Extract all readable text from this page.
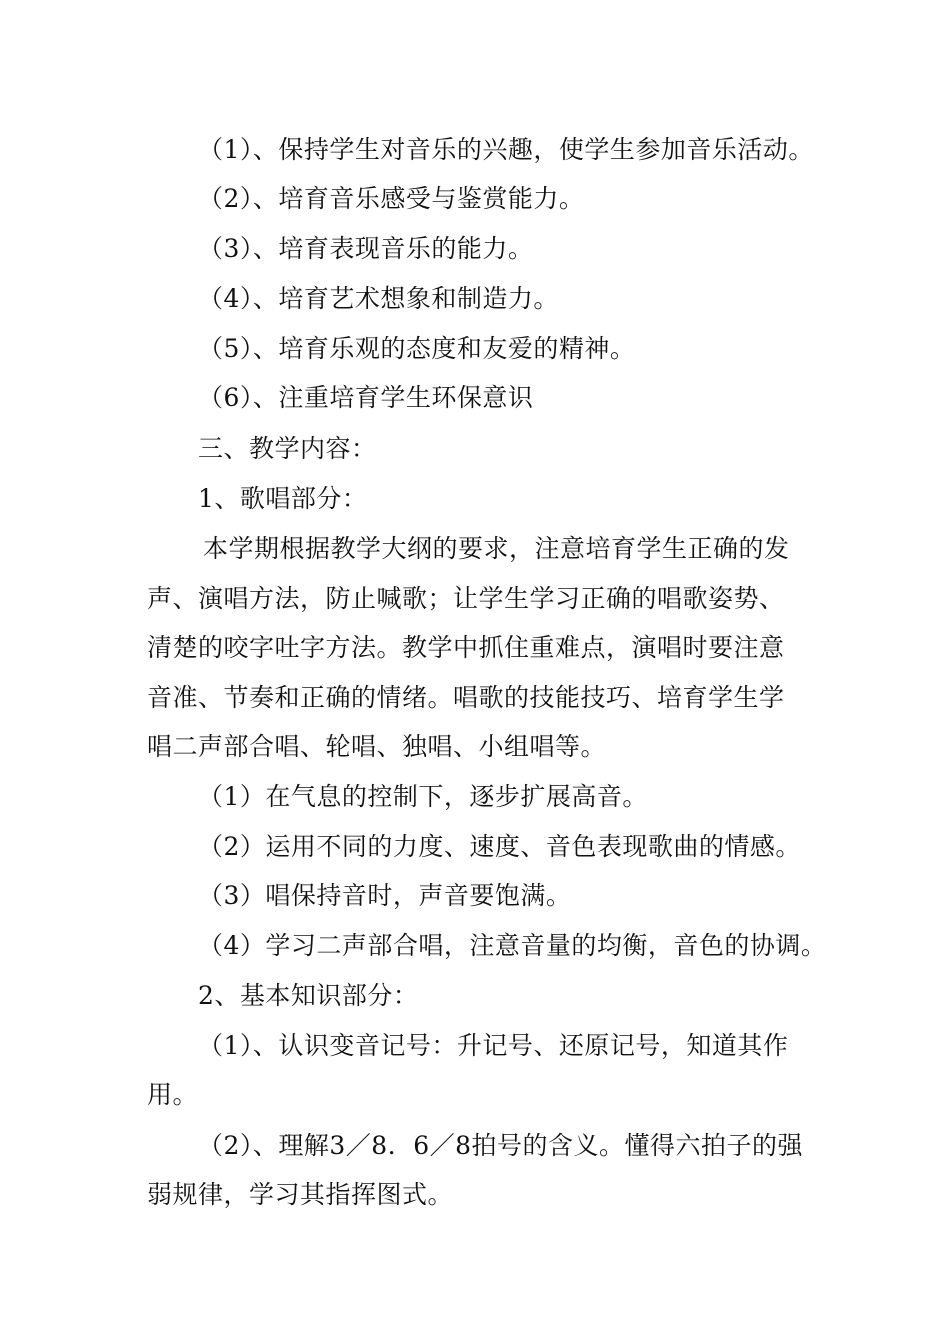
（1）、保持学生对音乐的兴趣，使学生参加音乐活动。
（2）、培育音乐感受与鉴赏能力。
（3）、培育表现音乐的能力。
（4）、培育艺术想象和制造力。
（5）、培育乐观的态度和友爱的精神。
（6）、注重培育学生环保意识
三、教学内容：
1、歌唱部分：
本学期根据教学大纲的要求，注意培育学生正确的发
声、演唱方法，防止喊歌；让学生学习正确的唱歌姿势、
清楚的咬字吐字方法。教学中抓住重难点，演唱时要注意
音准、节奏和正确的情绪。唱歌的技能技巧、培育学生学
唱二声部合唱、轮唱、独唱、小组唱等。
（1）在气息的控制下，逐步扩展高音。
（2）运用不同的力度、速度、音色表现歌曲的情感。
（3）唱保持音时，声音要饱满。
（4）学习二声部合唱，注意音量的均衡，音色的协调。
2、基本知识部分：
（1）、认识变音记号：升记号、还原记号，知道其作
用。
（2）、理解3／8．6／8拍号的含义。懂得六拍子的强
弱规律，学习其指挥图式。
